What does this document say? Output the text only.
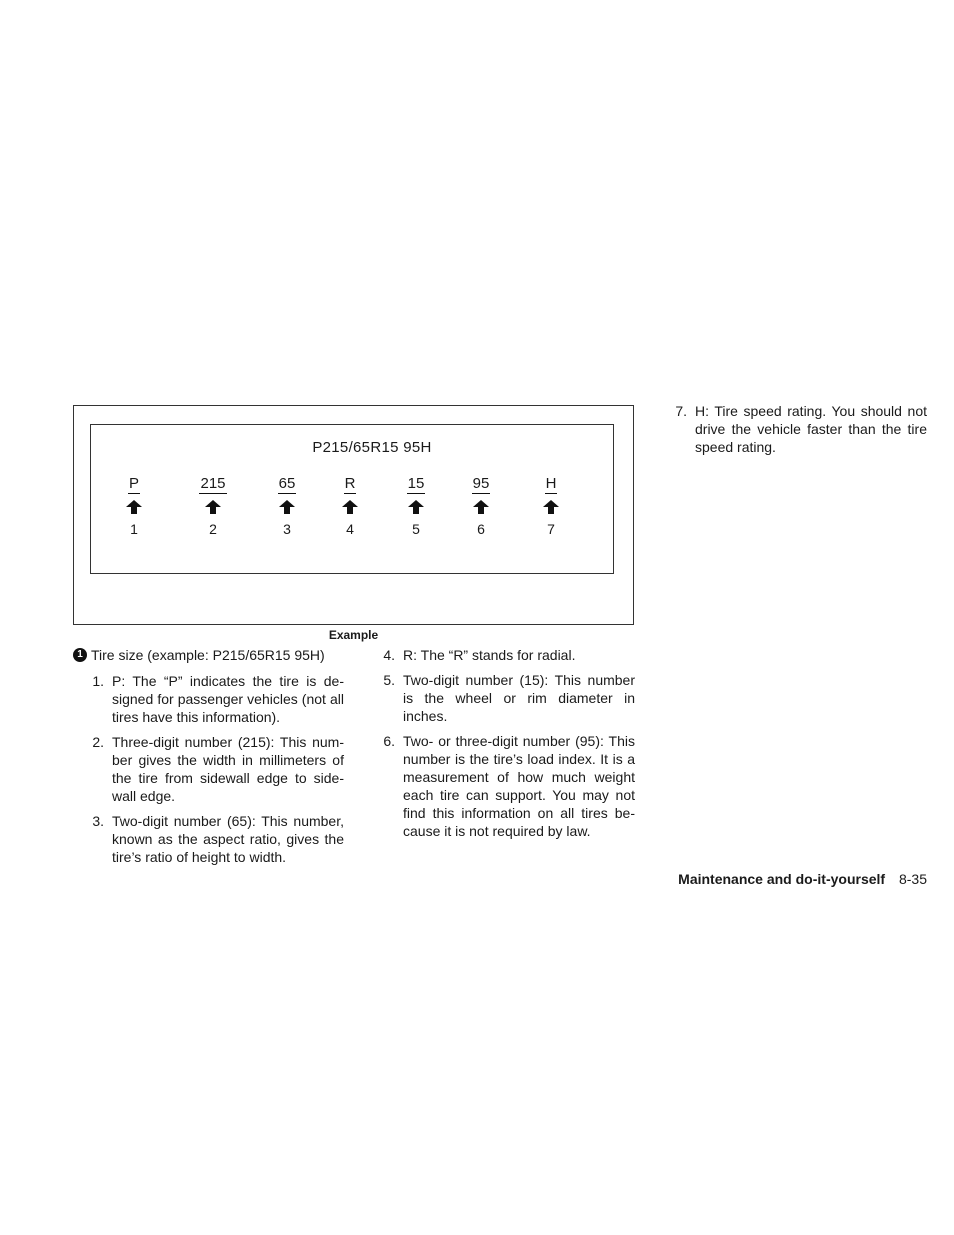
P215/65R15 95H
P
1
215
2
65
3
R
4
15
5
95
6
H
7
Example
1 Tire size (example: P215/65R15 95H)
1. P: The “P” indicates the tire is de-signed for passenger vehicles (not all tires have this information).
2. Three-digit number (215): This num-ber gives the width in millimeters of the tire from sidewall edge to side-wall edge.
3. Two-digit number (65): This number, known as the aspect ratio, gives the tire’s ratio of height to width.
4. R: The “R” stands for radial.
5. Two-digit number (15): This number is the wheel or rim diameter in inches.
6. Two- or three-digit number (95): This number is the tire’s load index. It is a measurement of how much weight each tire can support. You may not find this information on all tires be-cause it is not required by law.
7. H: Tire speed rating. You should not drive the vehicle faster than the tire speed rating.
Maintenance and do-it-yourself 8-35
